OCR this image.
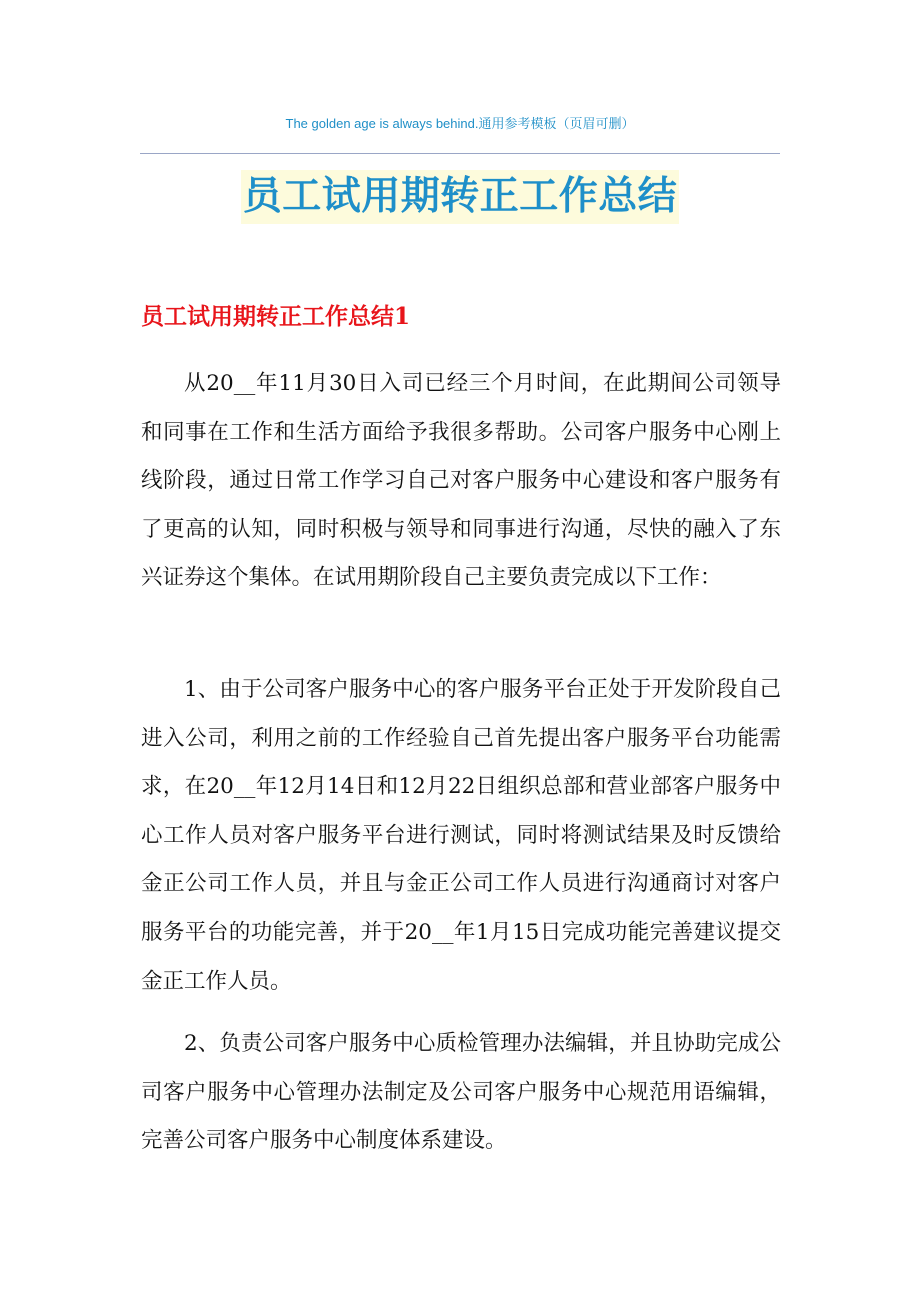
The golden age is always behind.通用参考模板（页眉可删）
员工试用期转正工作总结
员工试用期转正工作总结1

从20__年11月30日入司已经三个月时间，在此期间公司领导和同事在工作和生活方面给予我很多帮助。公司客户服务中心刚上线阶段，通过日常工作学习自己对客户服务中心建设和客户服务有了更高的认知，同时积极与领导和同事进行沟通，尽快的融入了东兴证券这个集体。在试用期阶段自己主要负责完成以下工作：

1、由于公司客户服务中心的客户服务平台正处于开发阶段自己进入公司，利用之前的工作经验自己首先提出客户服务平台功能需求，在20__年12月14日和12月22日组织总部和营业部客户服务中心工作人员对客户服务平台进行测试，同时将测试结果及时反馈给金正公司工作人员，并且与金正公司工作人员进行沟通商讨对客户服务平台的功能完善，并于20__年1月15日完成功能完善建议提交金正工作人员。

2、负责公司客户服务中心质检管理办法编辑，并且协助完成公司客户服务中心管理办法制定及公司客户服务中心规范用语编辑，完善公司客户服务中心制度体系建设。
